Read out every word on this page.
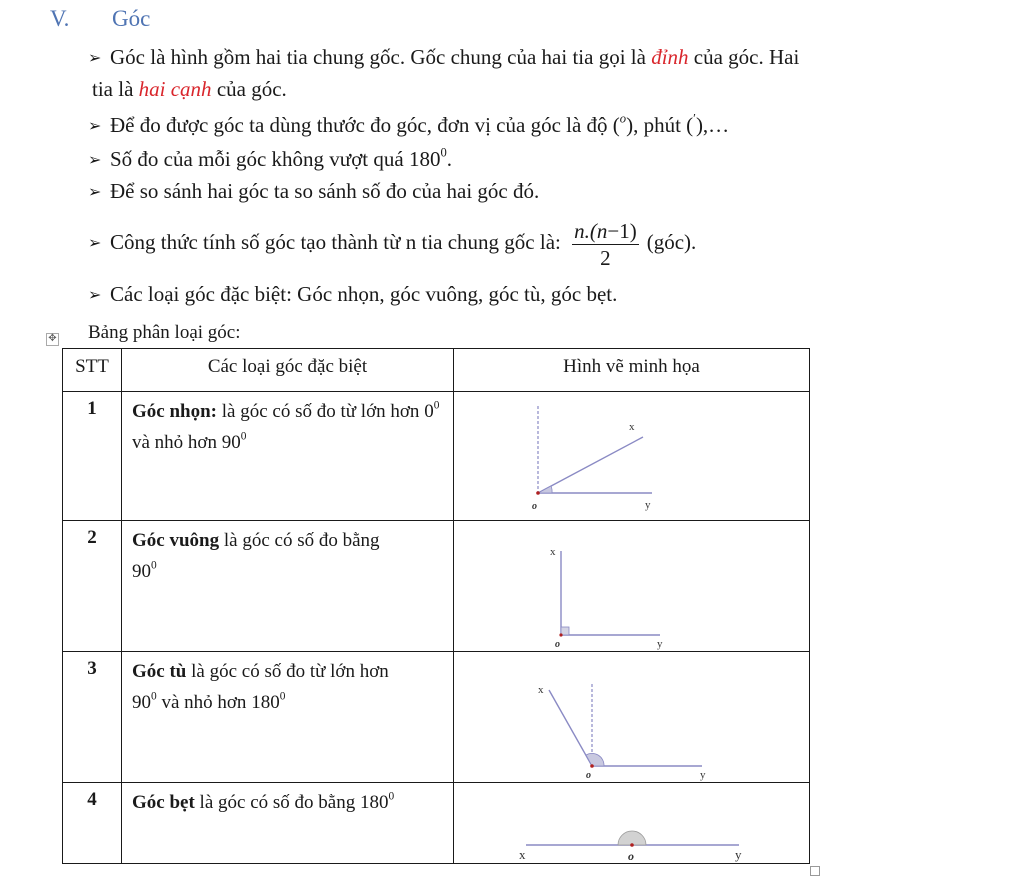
V. Góc
➢ Góc là hình gồm hai tia chung gốc. Gốc chung của hai tia gọi là đỉnh của góc. Hai
tia là hai cạnh của góc.
➢ Để đo được góc ta dùng thước đo góc, đơn vị của góc là độ ($^o$), phút (′),…
➢ Số đo của mỗi góc không vượt quá $180^0$.
➢ Để so sánh hai góc ta so sánh số đo của hai góc đó.
➢ Công thức tính số góc tạo thành từ n tia chung gốc là: $\frac{n.(n-1)}{2}$ (góc).
➢ Các loại góc đặc biệt: Góc nhọn, góc vuông, góc tù, góc bẹt.
✥ Bảng phân loại góc:
STT	Các loại góc đặc biệt	Hình vẽ minh họa

1	Góc nhọn: là góc có số đo từ lớn hơn $0^0$ và nhỏ hơn $90^0$	x
o y

2	Góc vuông là góc có số đo bằng
$90^0$	x
o y

3	Góc tù là góc có số đo từ lớn hơn
$90^0$ và nhỏ hơn $180^0$	x
o y

4	Góc bẹt là góc có số đo bằng $180^0$	x o y
